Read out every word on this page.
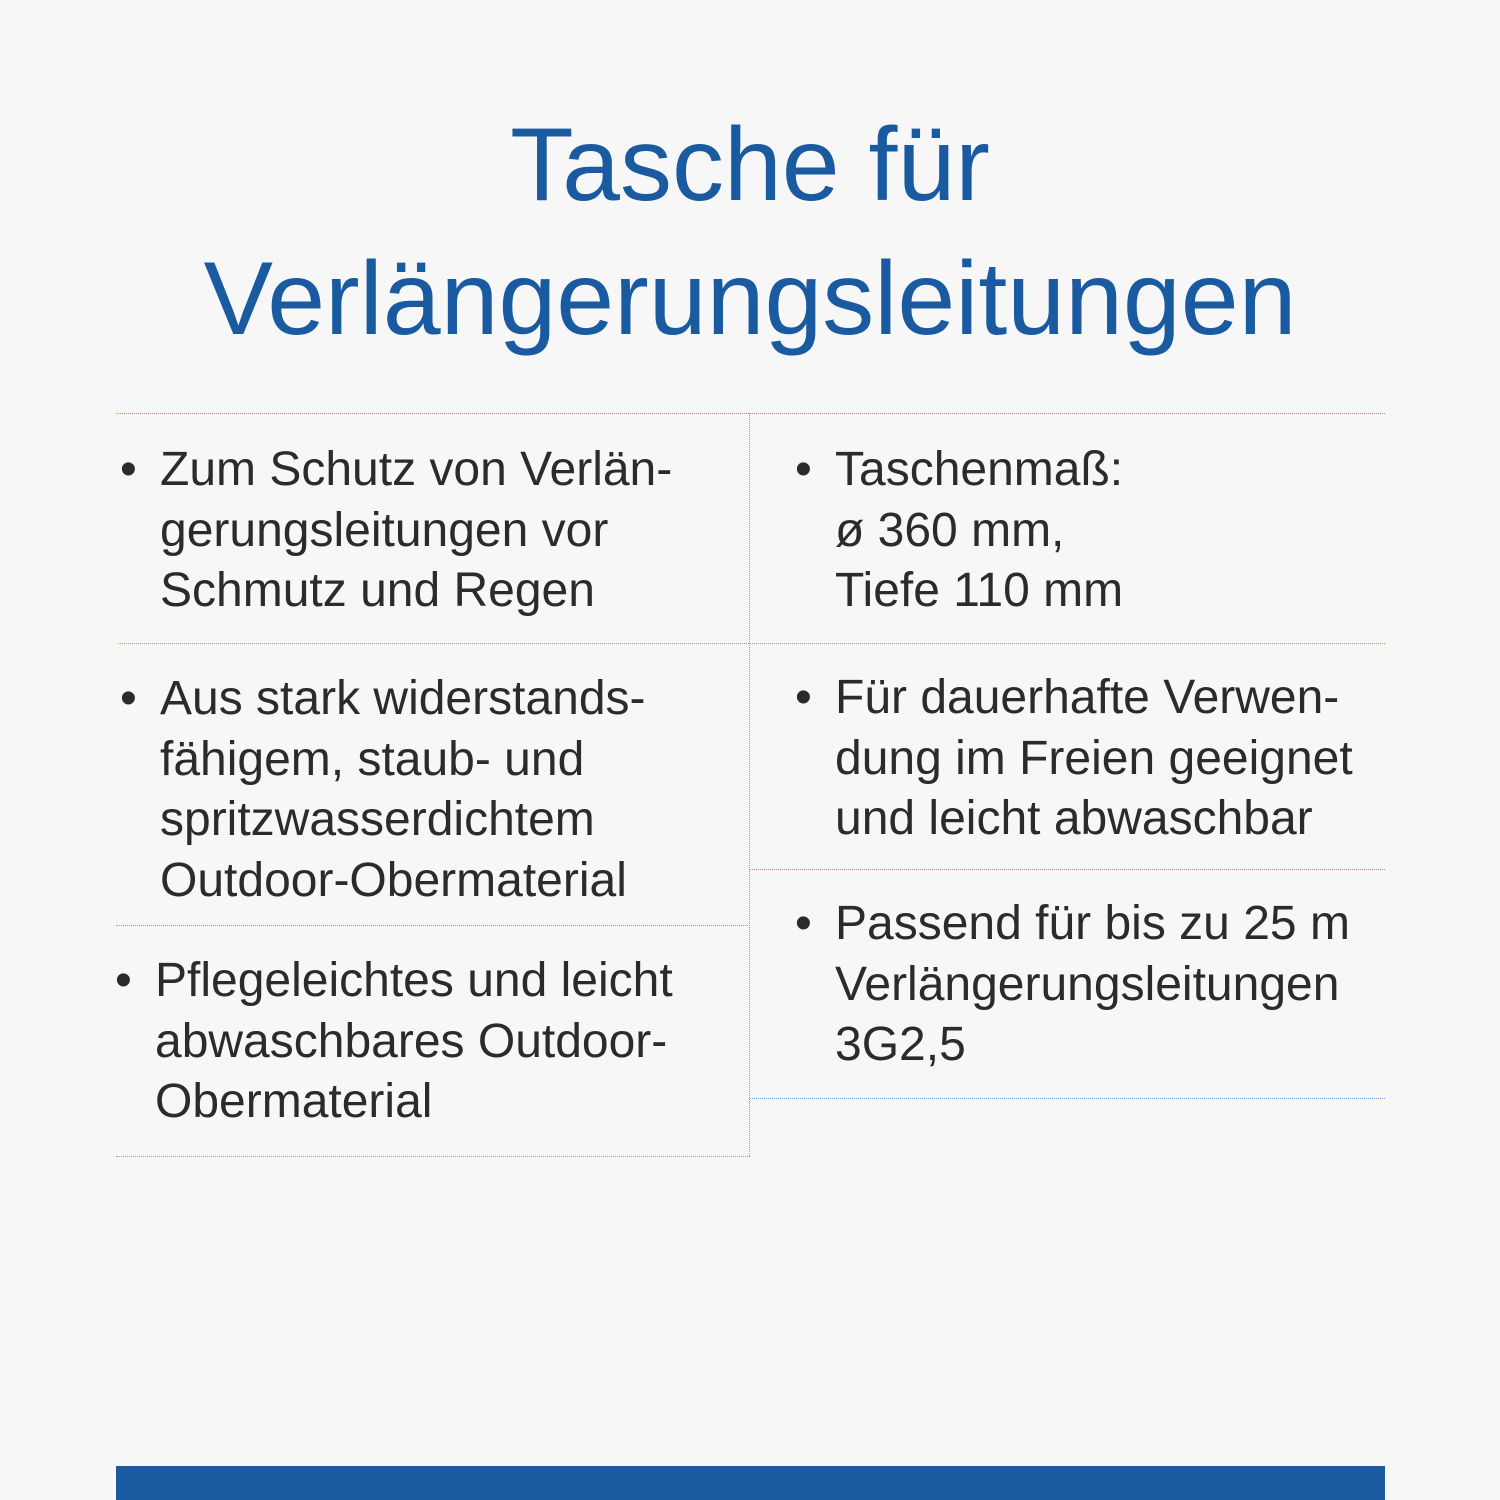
Tasche für
Verlängerungsleitungen
• Zum Schutz von Verlän-
gerungsleitungen vor
Schmutz und Regen
• Aus stark widerstands-
fähigem, staub- und
spritzwasserdichtem
Outdoor-Obermaterial
• Pflegeleichtes und leicht
abwaschbares Outdoor-
Obermaterial
• Taschenmaß:
ø 360 mm,
Tiefe 110 mm
• Für dauerhafte Verwen-
dung im Freien geeignet
und leicht abwaschbar
• Passend für bis zu 25 m
Verlängerungsleitungen
3G2,5
